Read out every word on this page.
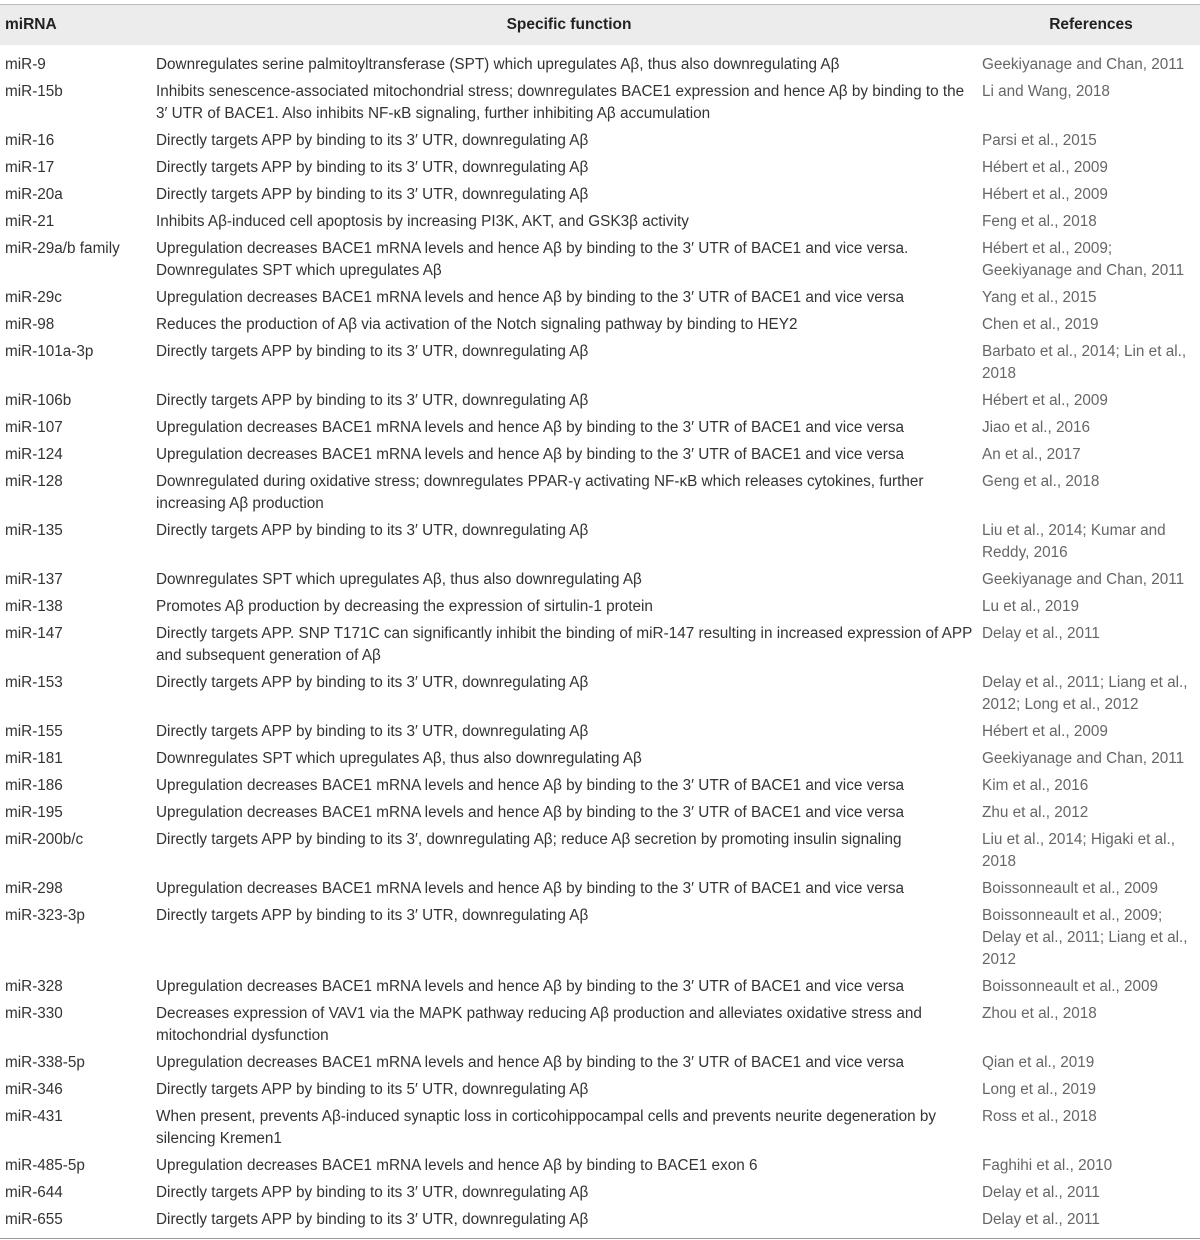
miRNA	Specific function	References
miR-9	Downregulates serine palmitoyltransferase (SPT) which upregulates Aβ, thus also downregulating Aβ	Geekiyanage and Chan, 2011
miR-15b	Inhibits senescence-associated mitochondrial stress; downregulates BACE1 expression and hence Aβ by binding to the 3′ UTR of BACE1. Also inhibits NF-κB signaling, further inhibiting Aβ accumulation	Li and Wang, 2018
miR-16	Directly targets APP by binding to its 3′ UTR, downregulating Aβ	Parsi et al., 2015
miR-17	Directly targets APP by binding to its 3′ UTR, downregulating Aβ	Hébert et al., 2009
miR-20a	Directly targets APP by binding to its 3′ UTR, downregulating Aβ	Hébert et al., 2009
miR-21	Inhibits Aβ-induced cell apoptosis by increasing PI3K, AKT, and GSK3β activity	Feng et al., 2018
miR-29a/b family	Upregulation decreases BACE1 mRNA levels and hence Aβ by binding to the 3′ UTR of BACE1 and vice versa. Downregulates SPT which upregulates Aβ	Hébert et al., 2009; Geekiyanage and Chan, 2011
miR-29c	Upregulation decreases BACE1 mRNA levels and hence Aβ by binding to the 3′ UTR of BACE1 and vice versa	Yang et al., 2015
miR-98	Reduces the production of Aβ via activation of the Notch signaling pathway by binding to HEY2	Chen et al., 2019
miR-101a-3p	Directly targets APP by binding to its 3′ UTR, downregulating Aβ	Barbato et al., 2014; Lin et al., 2018
miR-106b	Directly targets APP by binding to its 3′ UTR, downregulating Aβ	Hébert et al., 2009
miR-107	Upregulation decreases BACE1 mRNA levels and hence Aβ by binding to the 3′ UTR of BACE1 and vice versa	Jiao et al., 2016
miR-124	Upregulation decreases BACE1 mRNA levels and hence Aβ by binding to the 3′ UTR of BACE1 and vice versa	An et al., 2017
miR-128	Downregulated during oxidative stress; downregulates PPAR-γ activating NF-κB which releases cytokines, further increasing Aβ production	Geng et al., 2018
miR-135	Directly targets APP by binding to its 3′ UTR, downregulating Aβ	Liu et al., 2014; Kumar and Reddy, 2016
miR-137	Downregulates SPT which upregulates Aβ, thus also downregulating Aβ	Geekiyanage and Chan, 2011
miR-138	Promotes Aβ production by decreasing the expression of sirtulin-1 protein	Lu et al., 2019
miR-147	Directly targets APP. SNP T171C can significantly inhibit the binding of miR-147 resulting in increased expression of APP and subsequent generation of Aβ	Delay et al., 2011
miR-153	Directly targets APP by binding to its 3′ UTR, downregulating Aβ	Delay et al., 2011; Liang et al., 2012; Long et al., 2012
miR-155	Directly targets APP by binding to its 3′ UTR, downregulating Aβ	Hébert et al., 2009
miR-181	Downregulates SPT which upregulates Aβ, thus also downregulating Aβ	Geekiyanage and Chan, 2011
miR-186	Upregulation decreases BACE1 mRNA levels and hence Aβ by binding to the 3′ UTR of BACE1 and vice versa	Kim et al., 2016
miR-195	Upregulation decreases BACE1 mRNA levels and hence Aβ by binding to the 3′ UTR of BACE1 and vice versa	Zhu et al., 2012
miR-200b/c	Directly targets APP by binding to its 3′, downregulating Aβ; reduce Aβ secretion by promoting insulin signaling	Liu et al., 2014; Higaki et al., 2018
miR-298	Upregulation decreases BACE1 mRNA levels and hence Aβ by binding to the 3′ UTR of BACE1 and vice versa	Boissonneault et al., 2009
miR-323-3p	Directly targets APP by binding to its 3′ UTR, downregulating Aβ	Boissonneault et al., 2009; Delay et al., 2011; Liang et al., 2012
miR-328	Upregulation decreases BACE1 mRNA levels and hence Aβ by binding to the 3′ UTR of BACE1 and vice versa	Boissonneault et al., 2009
miR-330	Decreases expression of VAV1 via the MAPK pathway reducing Aβ production and alleviates oxidative stress and mitochondrial dysfunction	Zhou et al., 2018
miR-338-5p	Upregulation decreases BACE1 mRNA levels and hence Aβ by binding to the 3′ UTR of BACE1 and vice versa	Qian et al., 2019
miR-346	Directly targets APP by binding to its 5′ UTR, downregulating Aβ	Long et al., 2019
miR-431	When present, prevents Aβ-induced synaptic loss in corticohippocampal cells and prevents neurite degeneration by silencing Kremen1	Ross et al., 2018
miR-485-5p	Upregulation decreases BACE1 mRNA levels and hence Aβ by binding to BACE1 exon 6	Faghihi et al., 2010
miR-644	Directly targets APP by binding to its 3′ UTR, downregulating Aβ	Delay et al., 2011
miR-655	Directly targets APP by binding to its 3′ UTR, downregulating Aβ	Delay et al., 2011
